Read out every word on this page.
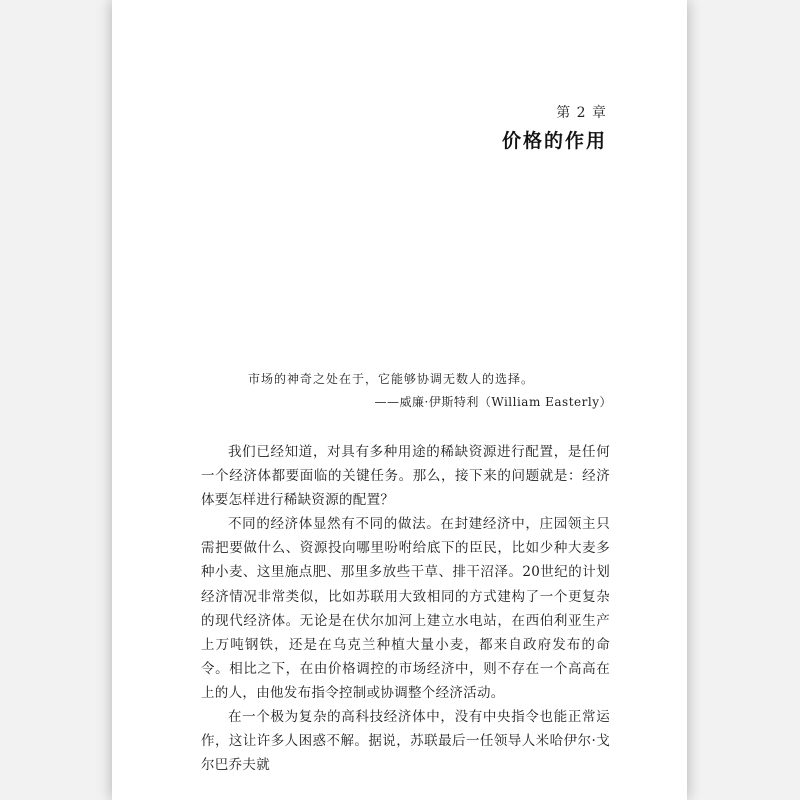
第 2 章
价格的作用
市场的神奇之处在于，它能够协调无数人的选择。
——威廉·伊斯特利（William Easterly）

我们已经知道，对具有多种用途的稀缺资源进行配置，是任何一个经济体都要面临的关键任务。那么，接下来的问题就是：经济体要怎样进行稀缺资源的配置？

不同的经济体显然有不同的做法。在封建经济中，庄园领主只需把要做什么、资源投向哪里吩咐给底下的臣民，比如少种大麦多种小麦、这里施点肥、那里多放些干草、排干沼泽。20世纪的计划经济情况非常类似，比如苏联用大致相同的方式建构了一个更复杂的现代经济体。无论是在伏尔加河上建立水电站，在西伯利亚生产上万吨钢铁，还是在乌克兰种植大量小麦，都来自政府发布的命令。相比之下，在由价格调控的市场经济中，则不存在一个高高在上的人，由他发布指令控制或协调整个经济活动。

在一个极为复杂的高科技经济体中，没有中央指令也能正常运作，这让许多人困惑不解。据说，苏联最后一任领导人米哈伊尔·戈尔巴乔夫就
